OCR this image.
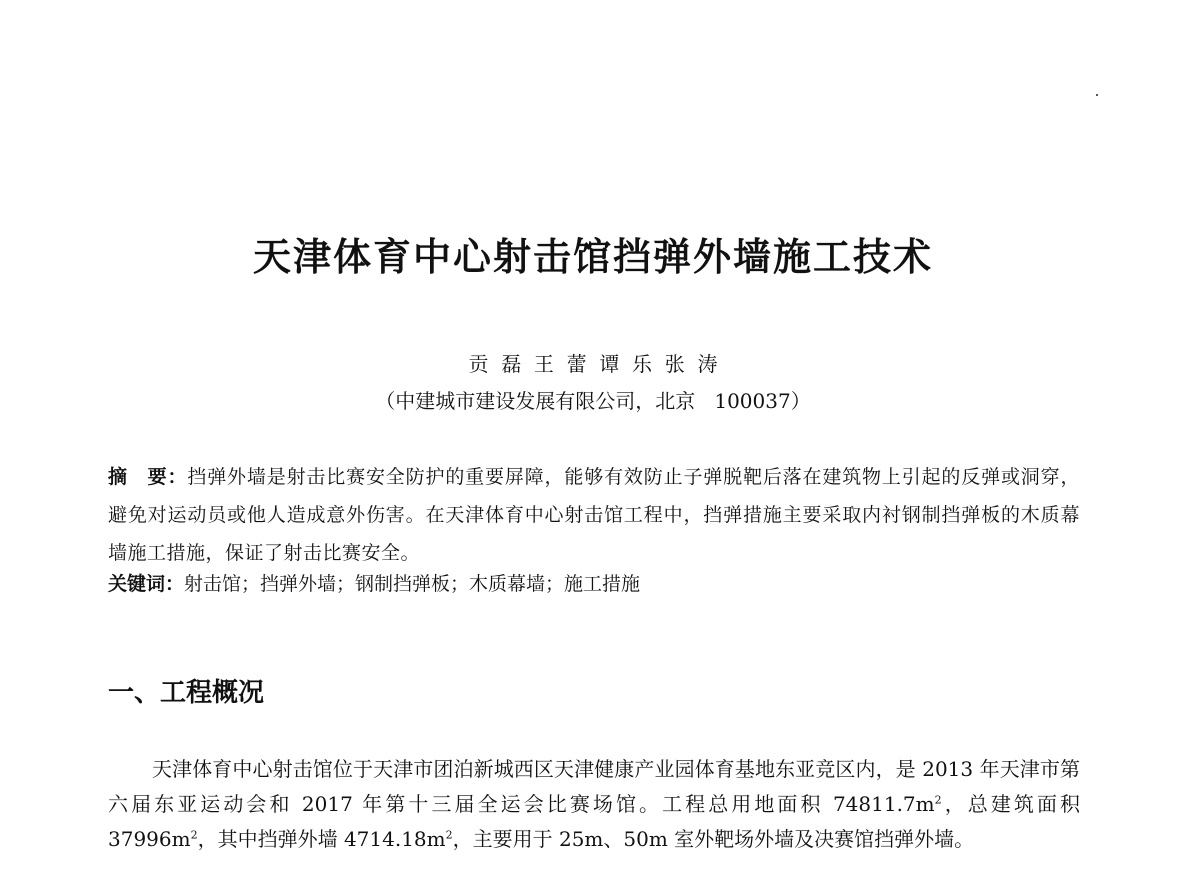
天津体育中心射击馆挡弹外墙施工技术
贡  磊  王  蕾  谭  乐  张  涛
（中建城市建设发展有限公司，北京   100037）
摘　要：挡弹外墙是射击比赛安全防护的重要屏障，能够有效防止子弹脱靶后落在建筑物上引起的反弹或洞穿，避免对运动员或他人造成意外伤害。在天津体育中心射击馆工程中，挡弹措施主要采取内衬钢制挡弹板的木质幕墙施工措施，保证了射击比赛安全。
关键词：射击馆；挡弹外墙；钢制挡弹板；木质幕墙；施工措施
一、工程概况

天津体育中心射击馆位于天津市团泊新城西区天津健康产业园体育基地东亚竞区内，是 2013 年天津市第六届东亚运动会和 2017 年第十三届全运会比赛场馆。工程总用地面积 $74811.7m^2$，总建筑面积 $37996m^2$，其中挡弹外墙 $4714.18m^2$，主要用于 25m、50m 室外靶场外墙及决赛馆挡弹外墙。
